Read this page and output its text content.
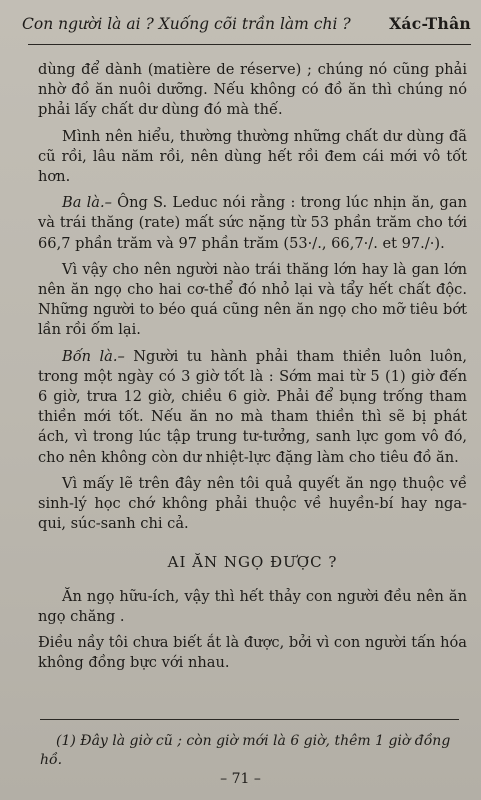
Con người là ai ? Xuống cõi trần làm chi ? Xác-Thân

dùng để dành (matière de réserve) ; chúng nó cũng phải nhờ đồ ăn nuôi dưỡng. Nếu không có đồ ăn thì chúng nó phải lấy chất dư dùng đó mà thế.

Mình nên hiểu, thường thường những chất dư dùng đã cũ rồi, lâu năm rồi, nên dùng hết rồi đem cái mới vô tốt hơn.

Ba là.– Ông S. Leduc nói rằng : trong lúc nhịn ăn, gan và trái thăng (rate) mất sức nặng từ 53 phần trăm cho tới 66,7 phần trăm và 97 phần trăm (53·/., 66,7·/. et 97./·).

Vì vậy cho nên người nào trái thăng lớn hay là gan lớn nên ăn ngọ cho hai cơ-thể đó nhỏ lại và tẩy hết chất độc. Những người to béo quá cũng nên ăn ngọ cho mỡ tiêu bớt lần rồi ốm lại.

Bốn là.– Người tu hành phải tham thiền luôn luôn, trong một ngày có 3 giờ tốt là : Sớm mai từ 5 (1) giờ đến 6 giờ, trưa 12 giờ, chiều 6 giờ. Phải để bụng trống tham thiền mới tốt. Nếu ăn no mà tham thiền thì sẽ bị phát ách, vì trong lúc tập trung tư-tưởng, sanh lực gom vô đó, cho nên không còn dư nhiệt-lực đặng làm cho tiêu đồ ăn.

Vì mấy lẽ trên đây nên tôi quả quyết ăn ngọ thuộc về sinh-lý học chớ không phải thuộc về huyền-bí hay nga-qui, súc-sanh chi cả.

AI ĂN NGỌ ĐƯỢC ?

Ăn ngọ hữu-ích, vậy thì hết thảy con người đều nên ăn ngọ chăng .

Điều nầy tôi chưa biết ắt là được, bởi vì con người tấn hóa không đồng bực với nhau.

(1) Đây là giờ cũ ; còn giờ mới là 6 giờ, thêm 1 giờ đồng hồ.
– 71 –
